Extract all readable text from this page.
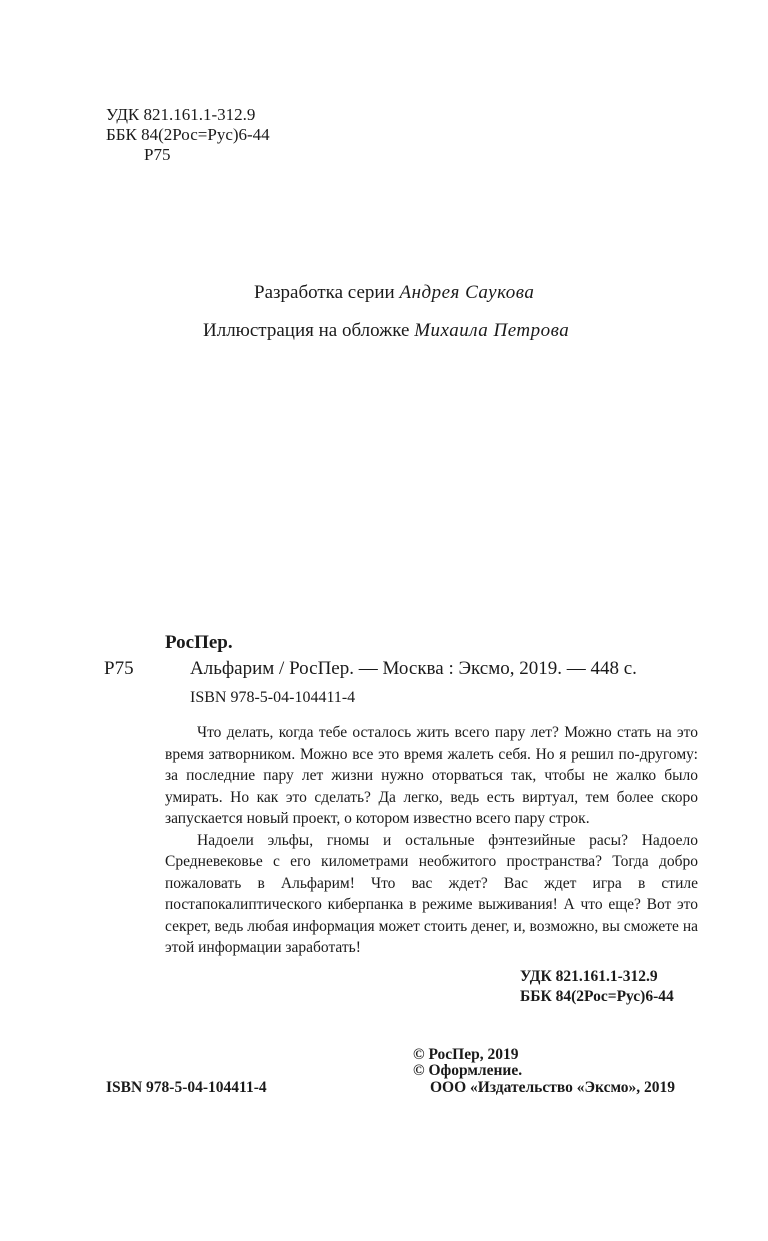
УДК 821.161.1-312.9
ББК 84(2Рос=Рус)6-44
Р75
Разработка серии Андрея Саукова
Иллюстрация на обложке Михаила Петрова
РосПер.
Р75	Альфарим / РосПер. — Москва : Эксмо, 2019. — 448 с.
ISBN 978-5-04-104411-4

Что делать, когда тебе осталось жить всего пару лет? Можно стать на это время затворником. Можно все это время жалеть себя. Но я решил по-другому: за последние пару лет жизни нужно оторваться так, чтобы не жалко было умирать. Но как это сделать? Да легко, ведь есть виртуал, тем более скоро запускается новый проект, о котором известно всего пару строк.

Надоели эльфы, гномы и остальные фэнтезийные расы? Надоело Средневековье с его километрами необжитого пространства? Тогда добро пожаловать в Альфарим! Что вас ждет? Вас ждет игра в стиле постапокалиптического киберпанка в режиме выживания! А что еще? Вот это секрет, ведь любая информация может стоить денег, и, возможно, вы сможете на этой информации заработать!

УДК 821.161.1-312.9
ББК 84(2Рос=Рус)6-44
© РосПер, 2019
© Оформление.
ООО «Издательство «Эксмо», 2019
ISBN 978-5-04-104411-4
